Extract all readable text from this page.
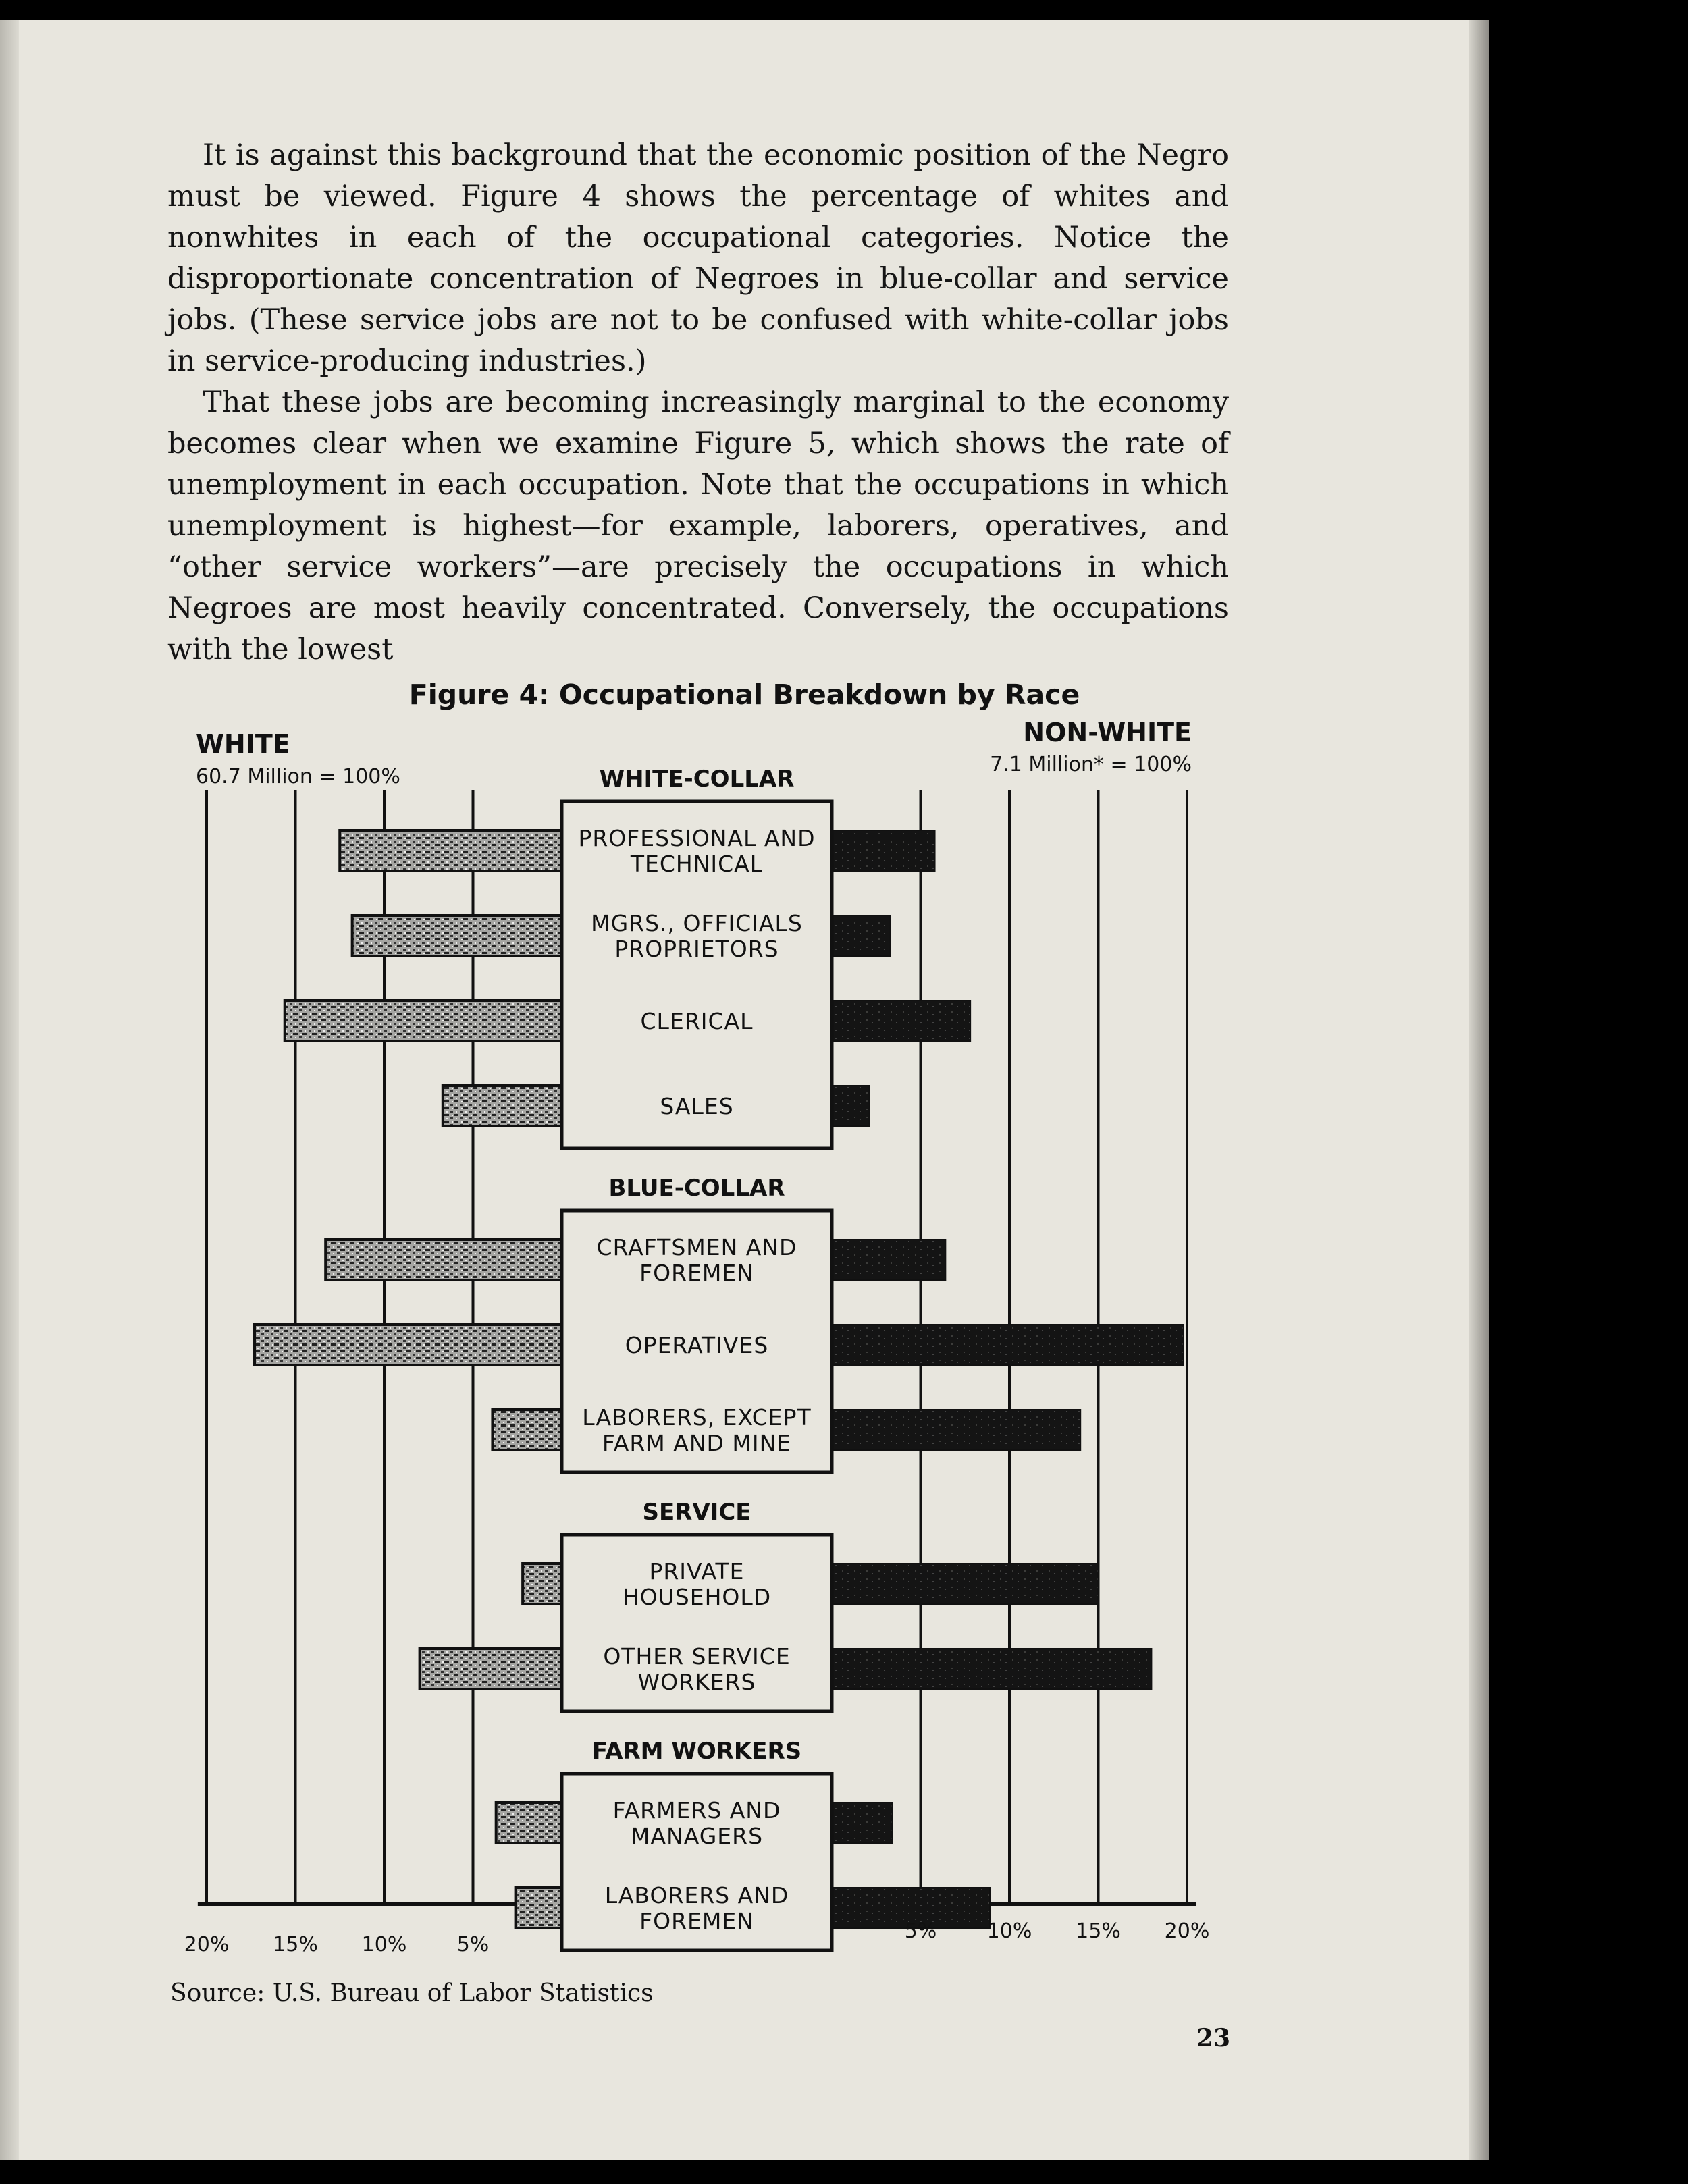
It is against this background that the economic position of the Negro must be viewed. Figure 4 shows the percentage of whites and nonwhites in each of the occupational categories. Notice the disproportionate concentration of Negroes in blue-collar and service jobs. (These service jobs are not to be confused with white-collar jobs in service-producing industries.)

That these jobs are becoming increasingly marginal to the economy becomes clear when we examine Figure 5, which shows the rate of unemployment in each occupation. Note that the occupations in which unemployment is highest—for example, laborers, operatives, and “other service workers”—are precisely the occupations in which Negroes are most heavily concentrated. Conversely, the occupations with the lowest

Figure 4: Occupational Breakdown by Race

Source: U.S. Bureau of Labor Statistics

23

WHITE	NON-WHITE
60.7 Million = 100%
7.1 Million* = 100%
20% 15% 10% 5%
5% 10% 15% 20%
WHITE-COLLAR
PROFESSIONAL AND
TECHNICAL
MGRS., OFFICIALS
PROPRIETORS
CLERICAL
SALES
BLUE-COLLAR
CRAFTSMEN AND
FOREMEN
OPERATIVES
LABORERS, EXCEPT
FARM AND MINE
SERVICE
PRIVATE
HOUSEHOLD
OTHER SERVICE
WORKERS
FARM WORKERS
FARMERS AND
MANAGERS
LABORERS AND
FOREMEN
